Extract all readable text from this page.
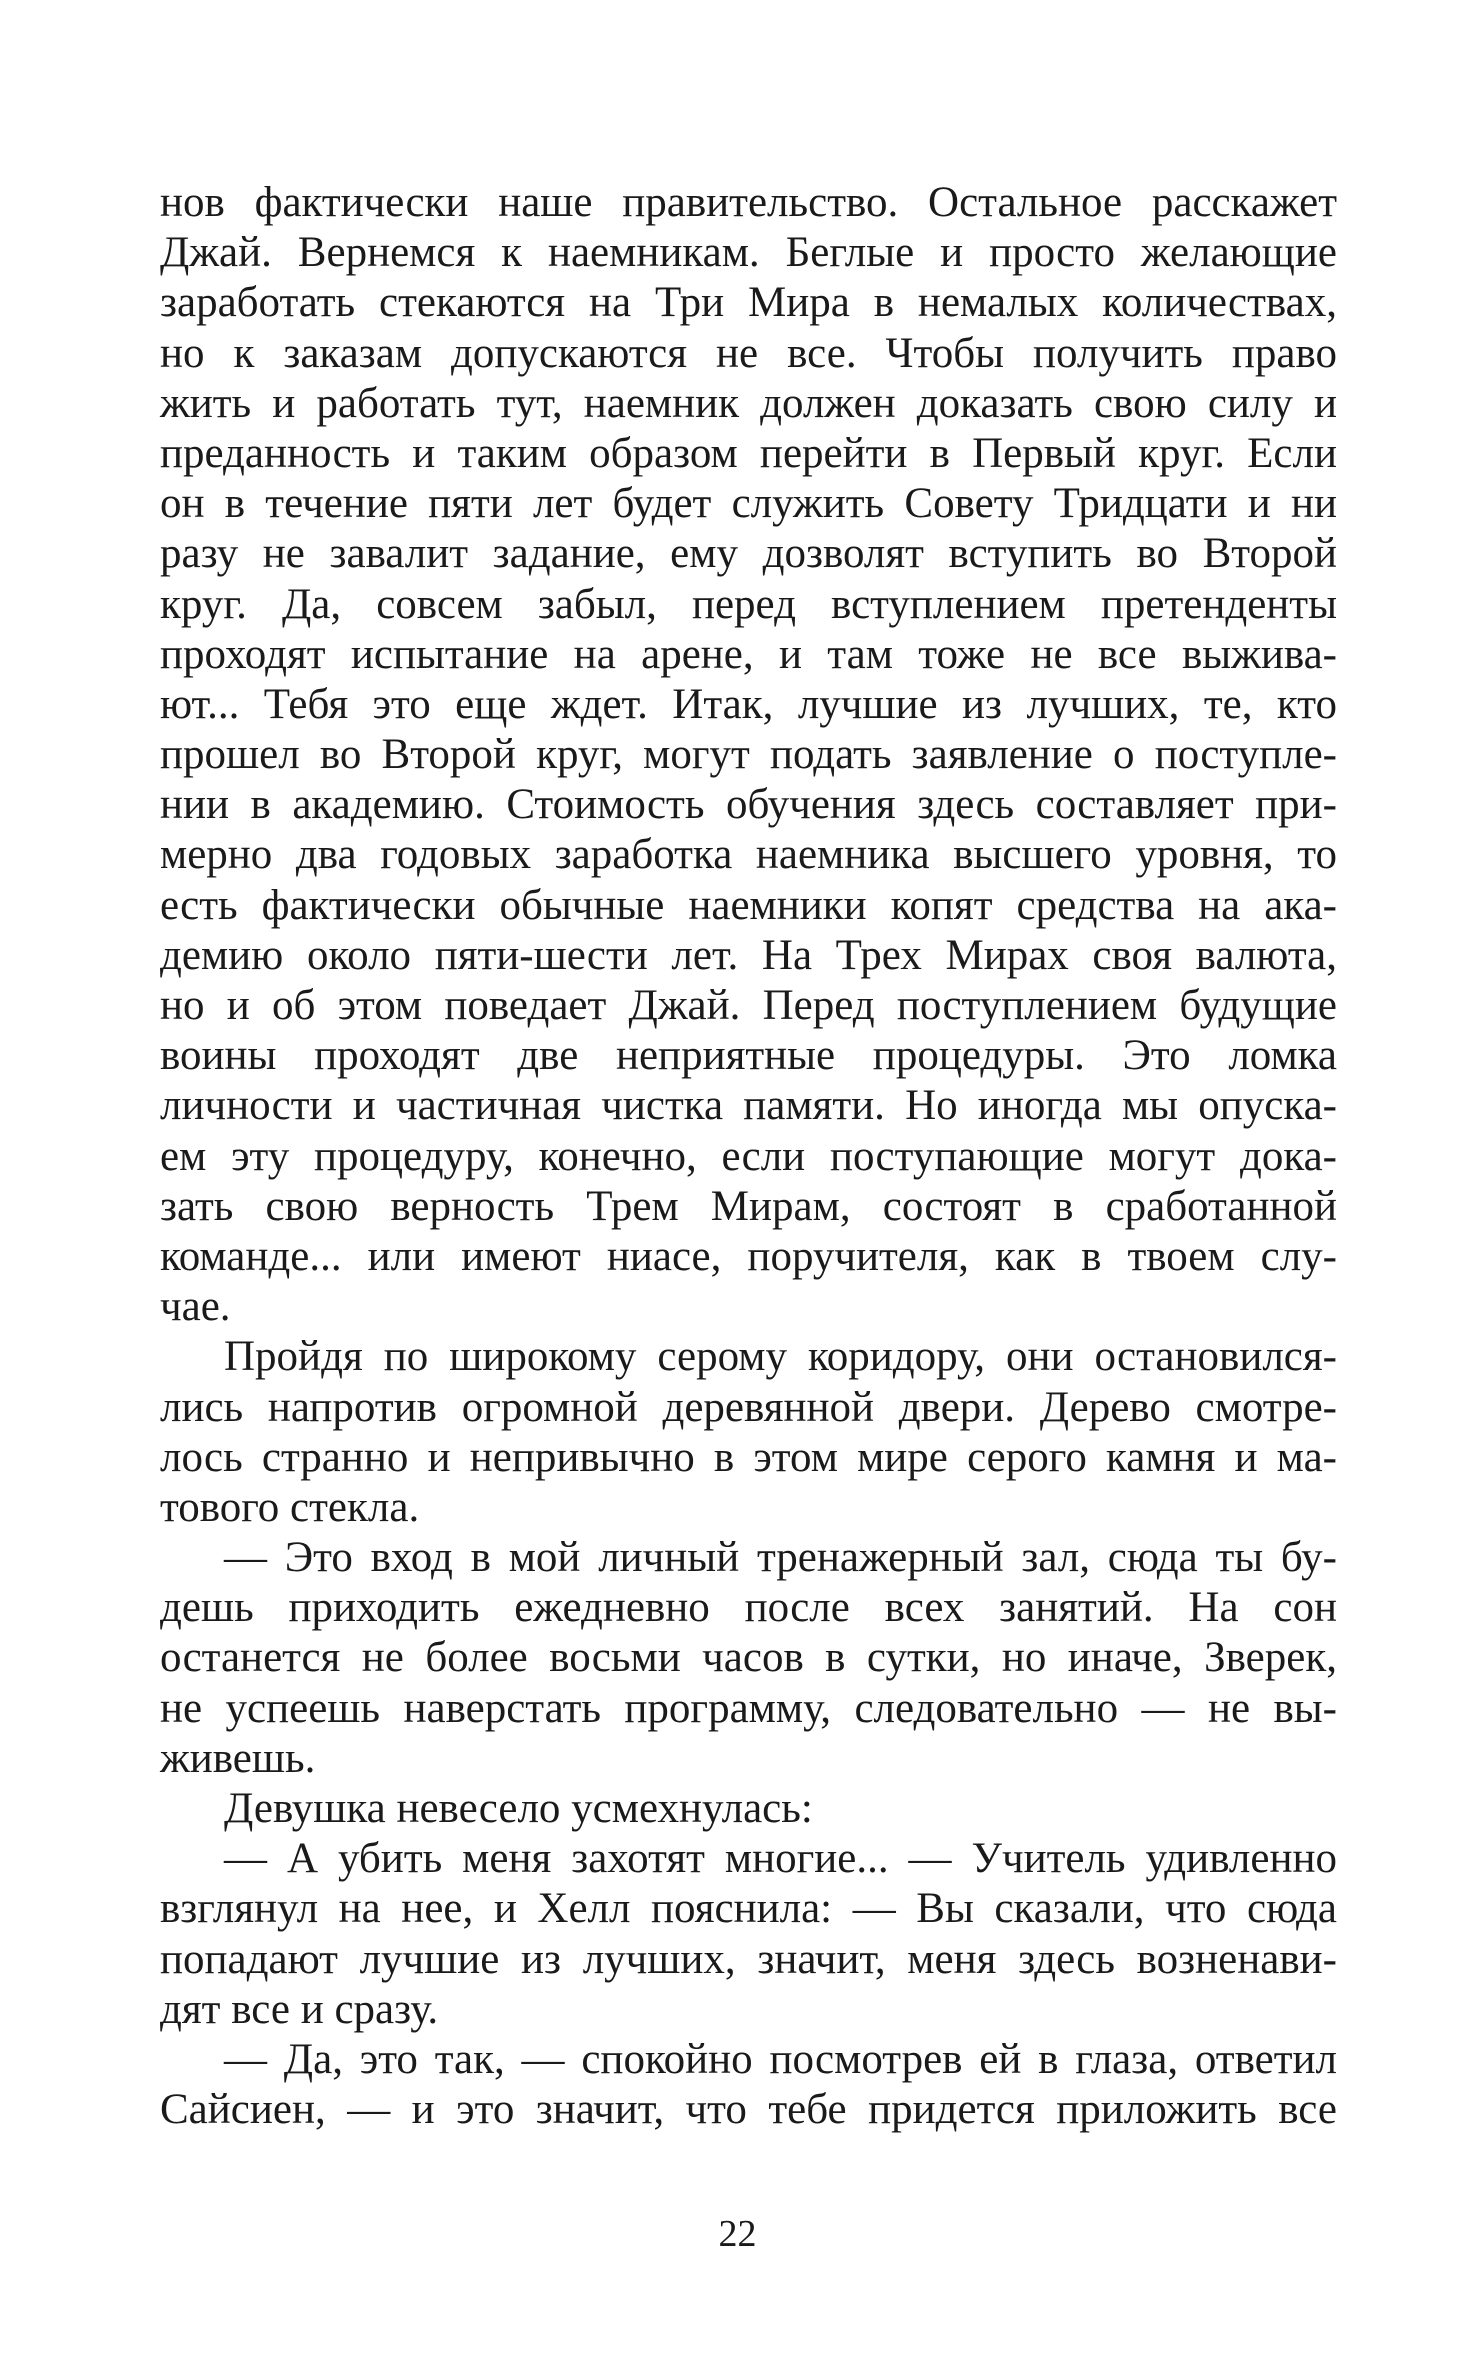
нов фактически наше правительство. Остальное расскажет
Джай. Вернемся к наемникам. Беглые и просто желающие
заработать стекаются на Три Мира в немалых количествах,
но к заказам допускаются не все. Чтобы получить право
жить и работать тут, наемник должен доказать свою силу и
преданность и таким образом перейти в Первый круг. Если
он в течение пяти лет будет служить Совету Тридцати и ни
разу не завалит задание, ему дозволят вступить во Второй
круг. Да, совсем забыл, перед вступлением претенденты
проходят испытание на арене, и там тоже не все выжива-
ют... Тебя это еще ждет. Итак, лучшие из лучших, те, кто
прошел во Второй круг, могут подать заявление о поступле-
нии в академию. Стоимость обучения здесь составляет при-
мерно два годовых заработка наемника высшего уровня, то
есть фактически обычные наемники копят средства на ака-
демию около пяти-шести лет. На Трех Мирах своя валюта,
но и об этом поведает Джай. Перед поступлением будущие
воины проходят две неприятные процедуры. Это ломка
личности и частичная чистка памяти. Но иногда мы опуска-
ем эту процедуру, конечно, если поступающие могут дока-
зать свою верность Трем Мирам, состоят в сработанной
команде... или имеют ниасе, поручителя, как в твоем слу-
чае.
Пройдя по широкому серому коридору, они остановился-
лись напротив огромной деревянной двери. Дерево смотре-
лось странно и непривычно в этом мире серого камня и ма-
тового стекла.
— Это вход в мой личный тренажерный зал, сюда ты бу-
дешь приходить ежедневно после всех занятий. На сон
останется не более восьми часов в сутки, но иначе, Зверек,
не успеешь наверстать программу, следовательно — не вы-
живешь.
Девушка невесело усмехнулась:
— А убить меня захотят многие... — Учитель удивленно
взглянул на нее, и Хелл пояснила: — Вы сказали, что сюда
попадают лучшие из лучших, значит, меня здесь возненави-
дят все и сразу.
— Да, это так, — спокойно посмотрев ей в глаза, ответил
Сайсиен, — и это значит, что тебе придется приложить все
22
